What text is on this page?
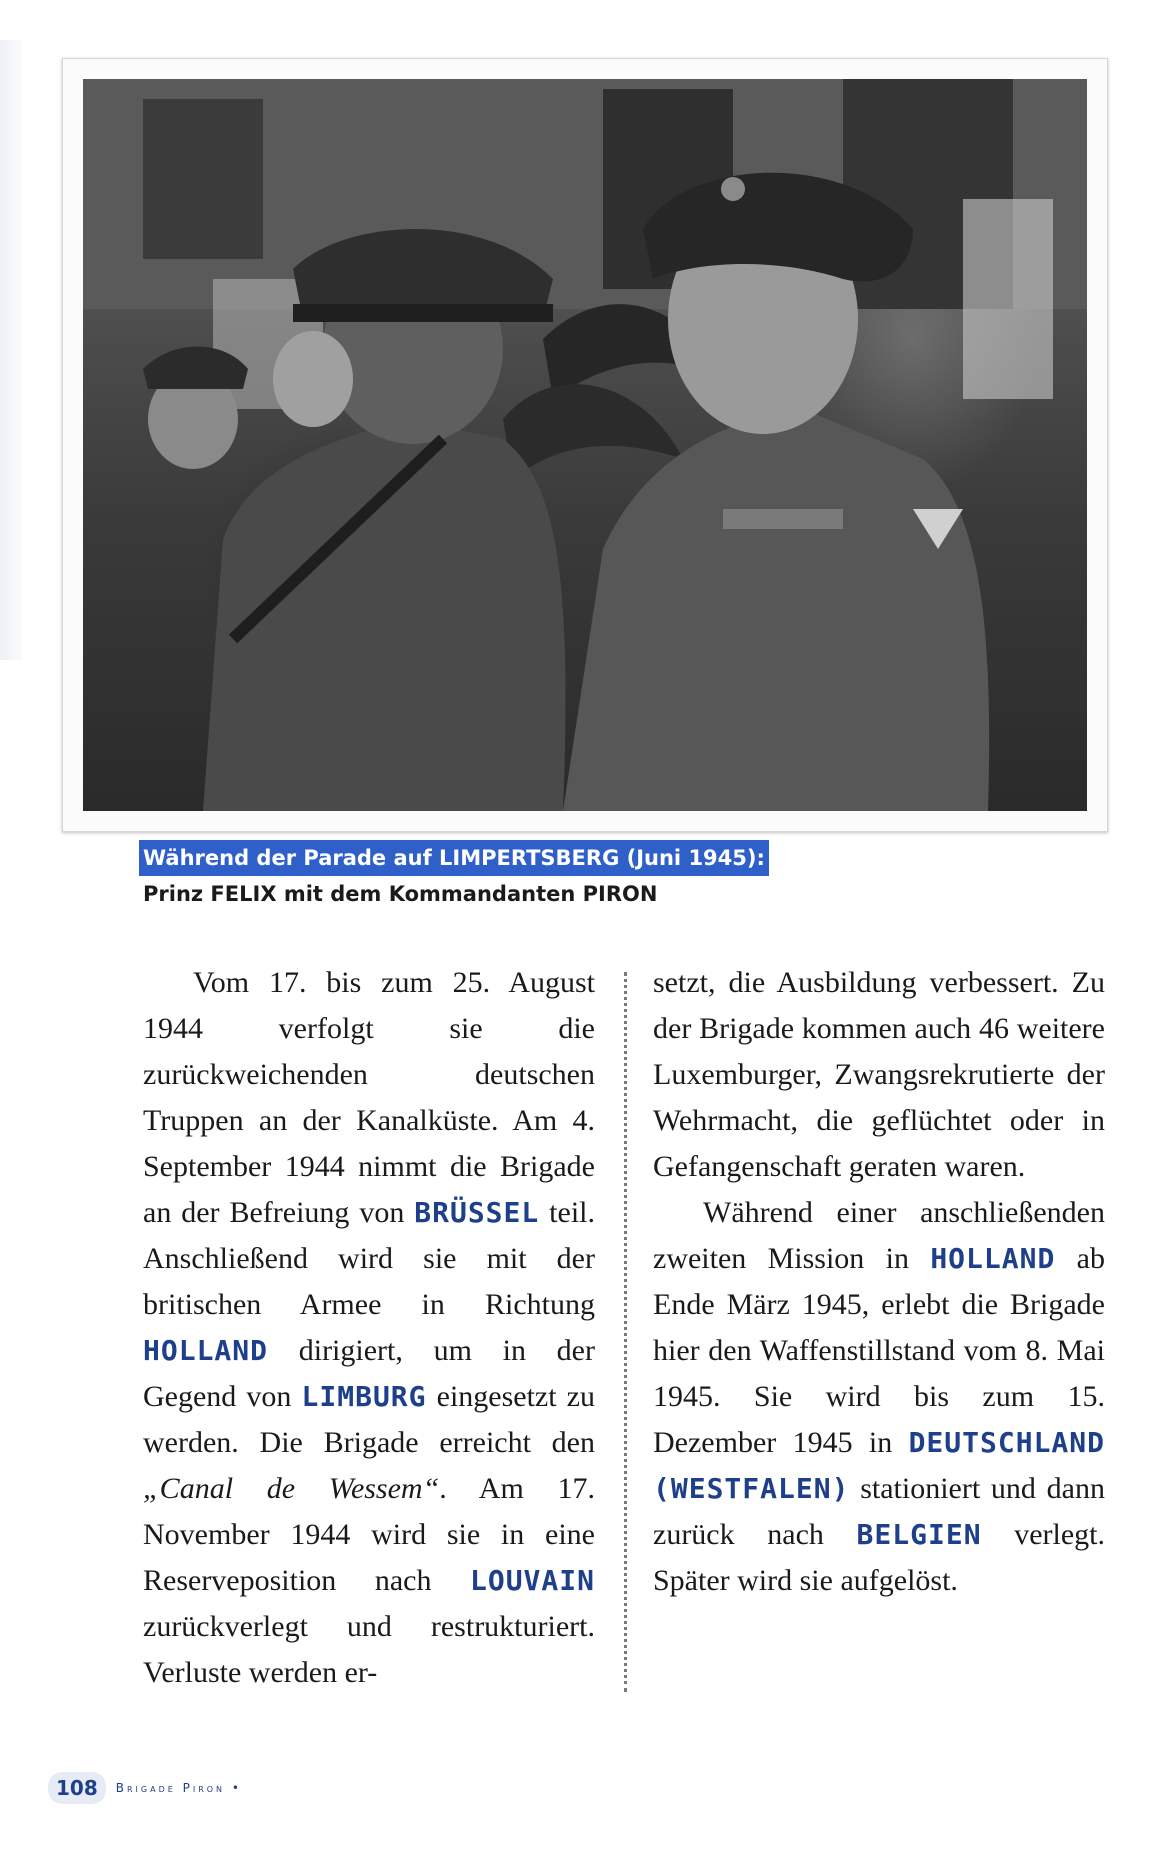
Während der Parade auf LIMPERTSBERG (Juni 1945):
Prinz FELIX mit dem Kommandanten PIRON

Vom 17. bis zum 25. August 1944 verfolgt sie die zurückweichenden deutschen Truppen an der Kanalküste. Am 4. September 1944 nimmt die Brigade an der Befreiung von BRÜSSEL teil. Anschließend wird sie mit der britischen Armee in Richtung HOLLAND dirigiert, um in der Gegend von LIMBURG eingesetzt zu werden. Die Brigade erreicht den „Canal de Wessem“. Am 17. November 1944 wird sie in eine Reserveposition nach LOUVAIN zurückverlegt und restrukturiert. Verluste werden er-

setzt, die Ausbildung verbessert. Zu der Brigade kommen auch 46 weitere Luxemburger, Zwangsrekrutierte der Wehrmacht, die geflüchtet oder in Gefangenschaft geraten waren.

Während einer anschließenden zweiten Mission in HOLLAND ab Ende März 1945, erlebt die Brigade hier den Waffenstillstand vom 8. Mai 1945. Sie wird bis zum 15. Dezember 1945 in DEUTSCHLAND (WESTFALEN) stationiert und dann zurück nach BELGIEN verlegt. Später wird sie aufgelöst.

108	Brigade Piron •
